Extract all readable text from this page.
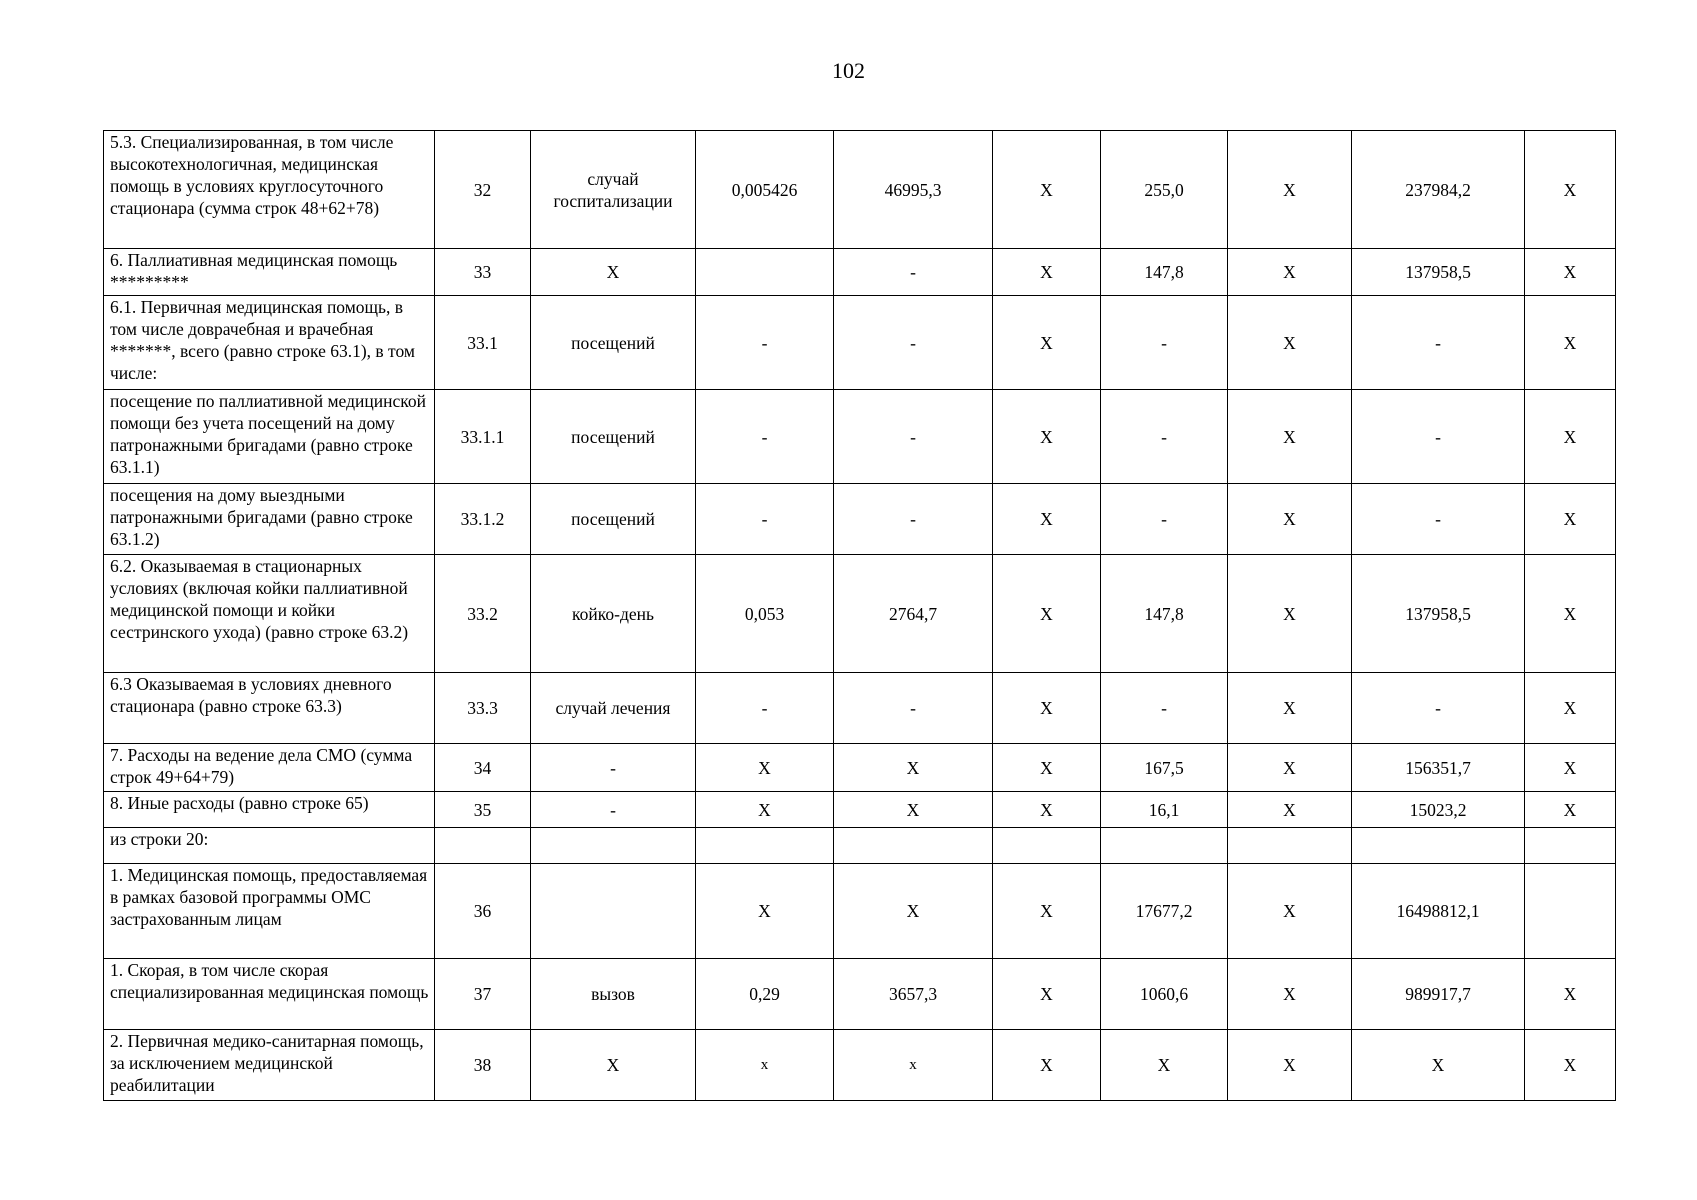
102
5.3. Специализированная, в том числе высокотехнологичная, медицинская помощь в условиях круглосуточного стационара (сумма строк 48+62+78)	32	случай госпитализации	0,005426	46995,3	X	255,0	X	237984,2	X
6. Паллиативная медицинская помощь *********	33	X		-	X	147,8	X	137958,5	X
6.1. Первичная медицинская помощь, в том числе доврачебная и врачебная *******, всего (равно строке 63.1), в том числе:	33.1	посещений	-	-	X	-	X	-	X
посещение по паллиативной медицинской помощи без учета посещений на дому патронажными бригадами (равно строке 63.1.1)	33.1.1	посещений	-	-	X	-	X	-	X
посещения на дому выездными патронажными бригадами (равно строке 63.1.2)	33.1.2	посещений	-	-	X	-	X	-	X
6.2. Оказываемая в стационарных условиях (включая койки паллиативной медицинской помощи и койки сестринского ухода) (равно строке 63.2)	33.2	койко-день	0,053	2764,7	X	147,8	X	137958,5	X
6.3 Оказываемая в условиях дневного стационара (равно строке 63.3)	33.3	случай лечения	-	-	X	-	X	-	X
7. Расходы на ведение дела СМО (сумма строк 49+64+79)	34	-	X	X	X	167,5	X	156351,7	X
8. Иные расходы (равно строке 65)	35	-	X	X	X	16,1	X	15023,2	X
из строки 20:									
1. Медицинская помощь, предоставляемая в рамках базовой программы ОМС застрахованным лицам	36		X	X	X	17677,2	X	16498812,1	
1. Скорая, в том числе скорая специализированная медицинская помощь	37	вызов	0,29	3657,3	X	1060,6	X	989917,7	X
2. Первичная медико-санитарная помощь, за исключением медицинской реабилитации	38	X	x	x	X	X	X	X	X
